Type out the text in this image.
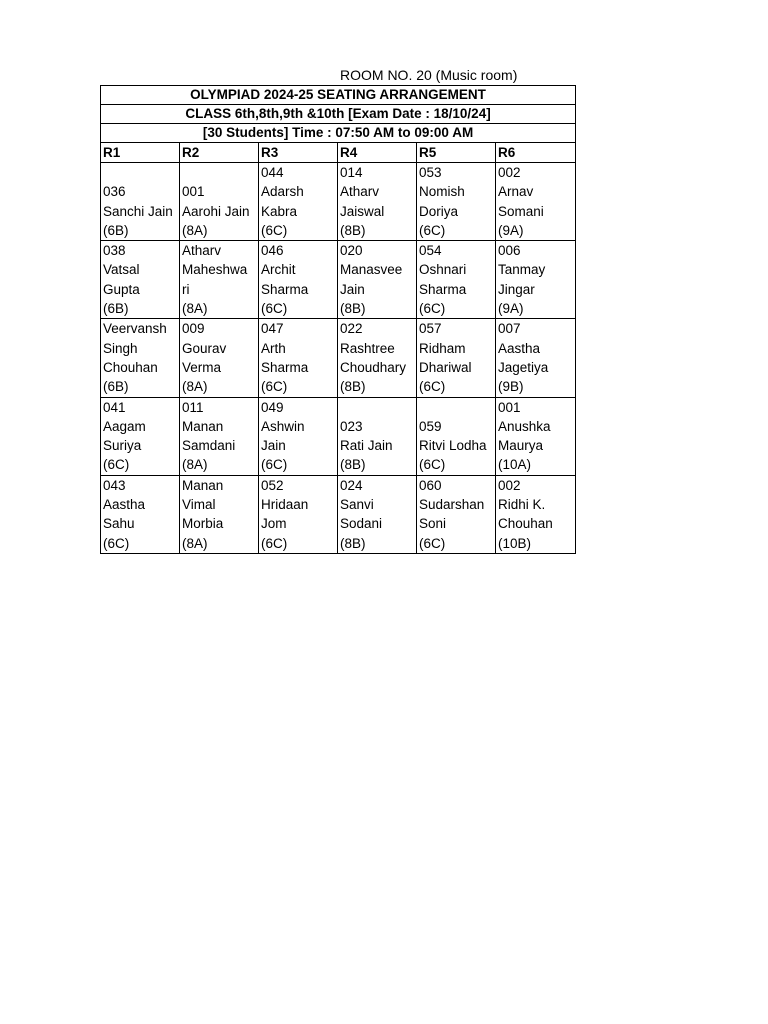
ROOM NO. 20 (Music room)
OLYMPIAD 2024-25 SEATING ARRANGEMENT					
CLASS 6th,8th,9th &10th [Exam Date : 18/10/24]					
[30 Students] Time : 07:50 AM to 09:00 AM					
R1	R2	R3	R4	R5	R6

036
Sanchi Jain
(6B)	001
Aarohi Jain
(8A)	044
Adarsh
Kabra
(6C)	014
Atharv
Jaiswal
(8B)	053
Nomish
Doriya
(6C)	002
Arnav
Somani
(9A)

038
Vatsal
Gupta
(6B)	Atharv
Maheshwa
ri
(8A)	046
Archit
Sharma
(6C)	020
Manasvee
Jain
(8B)	054
Oshnari
Sharma
(6C)	006
Tanmay
Jingar
(9A)

Veervansh
Singh
Chouhan
(6B)	009
Gourav
Verma
(8A)	047
Arth
Sharma
(6C)	022
Rashtree
Choudhary
(8B)	057
Ridham
Dhariwal
(6C)	007
Aastha
Jagetiya
(9B)

041
Aagam
Suriya
(6C)	011
Manan
Samdani
(8A)	049
Ashwin
Jain
(6C)	023
Rati Jain
(8B)	059
Ritvi Lodha
(6C)	001
Anushka
Maurya
(10A)

043
Aastha
Sahu
(6C)	Manan
Vimal
Morbia
(8A)	052
Hridaan
Jom
(6C)	024
Sanvi
Sodani
(8B)	060
Sudarshan
Soni
(6C)	002
Ridhi K.
Chouhan
(10B)
